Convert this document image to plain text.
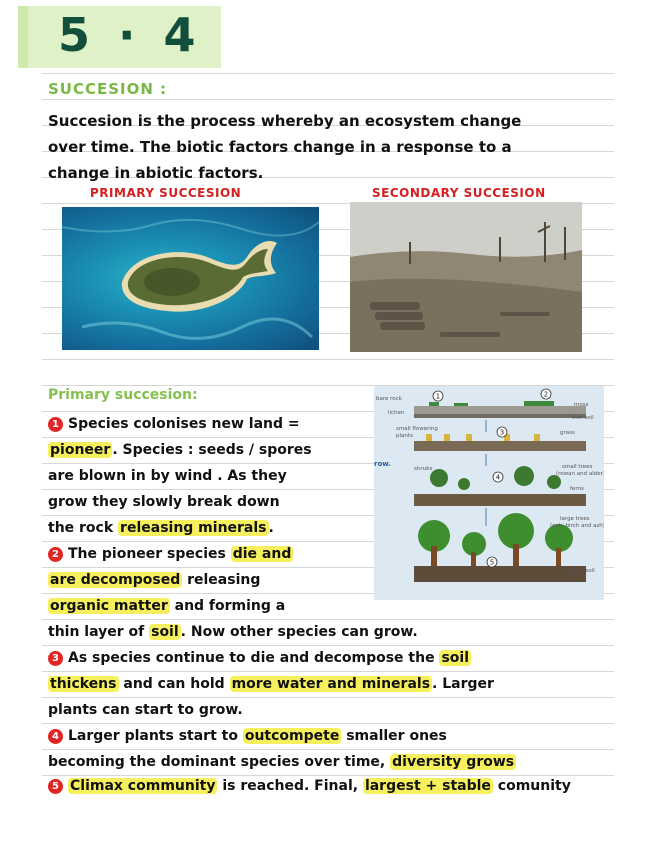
5 · 4
SUCCESION :
Succesion is the process whereby an ecosystem change
over time. The biotic factors change in a response to a
change in abiotic factors.
PRIMARY SUCCESION	SECONDARY SUCCESION
Primary succesion:
1 Species colonises new land =
pioneer . Species : seeds / spores
are blown in by wind . As they
grow they slowly break down
the rock releasing minerals .
2 The pioneer species die and
are decomposed releasing
organic matter and forming a
thin layer of soil . Now other species can grow.
3 As species continue to die and decompose the soil
thickens and can hold more water and minerals . Larger
plants can start to grow.
4 Larger plants start to outcompete smaller ones
becoming the dominant species over time, diversity grows
5 Climax community is reached. Final, largest + stable comunity
1	2
3
4
5
bare rock
lichen
moss
thin soil
small flowering
plants	grass
shrubs	small trees
(rowan and alder)
ferns
large trees
(oak, birch and ash)
deep soil
row.
